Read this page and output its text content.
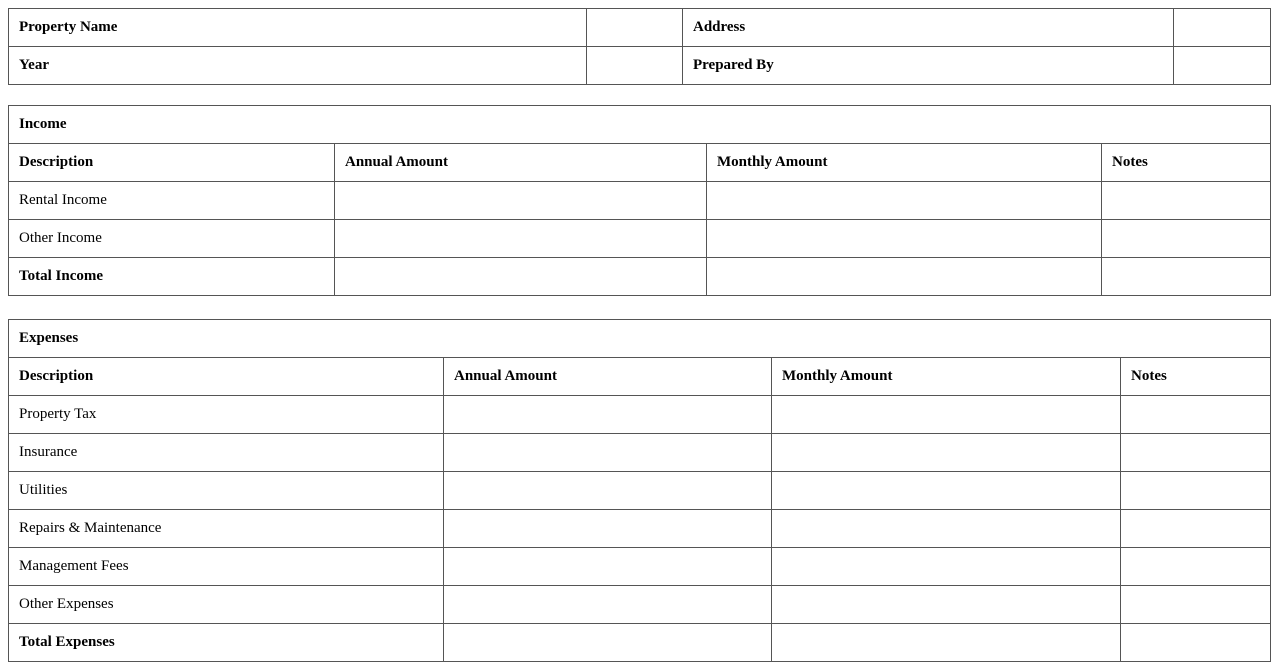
Property Name		Address	
Year		Prepared By	
Income			
Description	Annual Amount	Monthly Amount	Notes
Rental Income			
Other Income			
Total Income			
Expenses			
Description	Annual Amount	Monthly Amount	Notes
Property Tax			
Insurance			
Utilities			
Repairs & Maintenance			
Management Fees			
Other Expenses			
Total Expenses			
